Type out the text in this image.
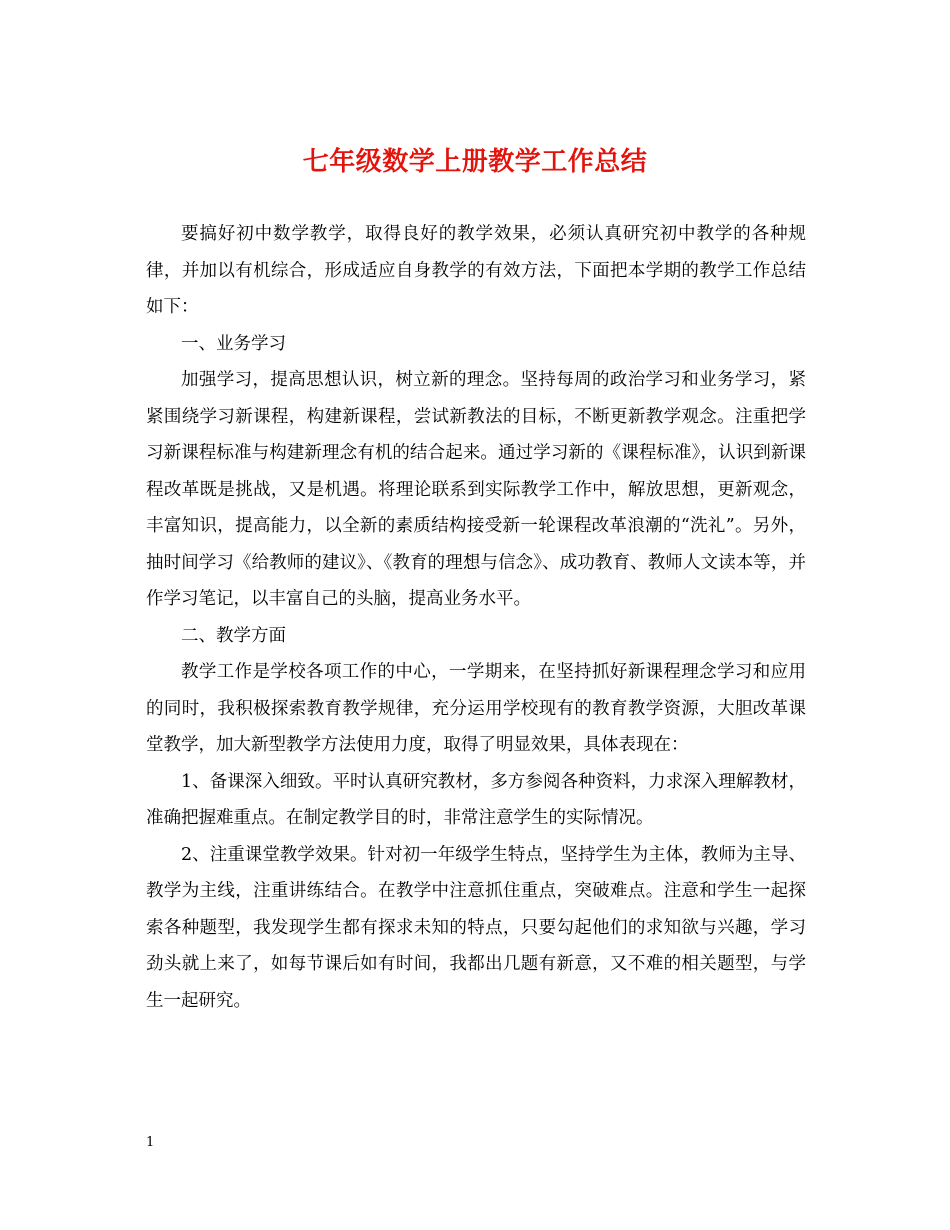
七年级数学上册教学工作总结

要搞好初中数学教学，取得良好的教学效果，必须认真研究初中教学的各种规律，并加以有机综合，形成适应自身教学的有效方法，下面把本学期的教学工作总结如下：

一、业务学习

加强学习，提高思想认识，树立新的理念。坚持每周的政治学习和业务学习，紧紧围绕学习新课程，构建新课程，尝试新教法的目标，不断更新教学观念。注重把学习新课程标准与构建新理念有机的结合起来。通过学习新的《课程标准》，认识到新课程改革既是挑战，又是机遇。将理论联系到实际教学工作中，解放思想，更新观念，丰富知识，提高能力，以全新的素质结构接受新一轮课程改革浪潮的“洗礼”。另外，抽时间学习《给教师的建议》、《教育的理想与信念》、成功教育、教师人文读本等，并作学习笔记，以丰富自己的头脑，提高业务水平。

二、教学方面

教学工作是学校各项工作的中心，一学期来，在坚持抓好新课程理念学习和应用的同时，我积极探索教育教学规律，充分运用学校现有的教育教学资源，大胆改革课堂教学，加大新型教学方法使用力度，取得了明显效果，具体表现在：

1、备课深入细致。平时认真研究教材，多方参阅各种资料，力求深入理解教材，准确把握难重点。在制定教学目的时，非常注意学生的实际情况。

2、注重课堂教学效果。针对初一年级学生特点，坚持学生为主体，教师为主导、教学为主线，注重讲练结合。在教学中注意抓住重点，突破难点。注意和学生一起探索各种题型，我发现学生都有探求未知的特点，只要勾起他们的求知欲与兴趣，学习劲头就上来了，如每节课后如有时间，我都出几题有新意，又不难的相关题型，与学生一起研究。

1
